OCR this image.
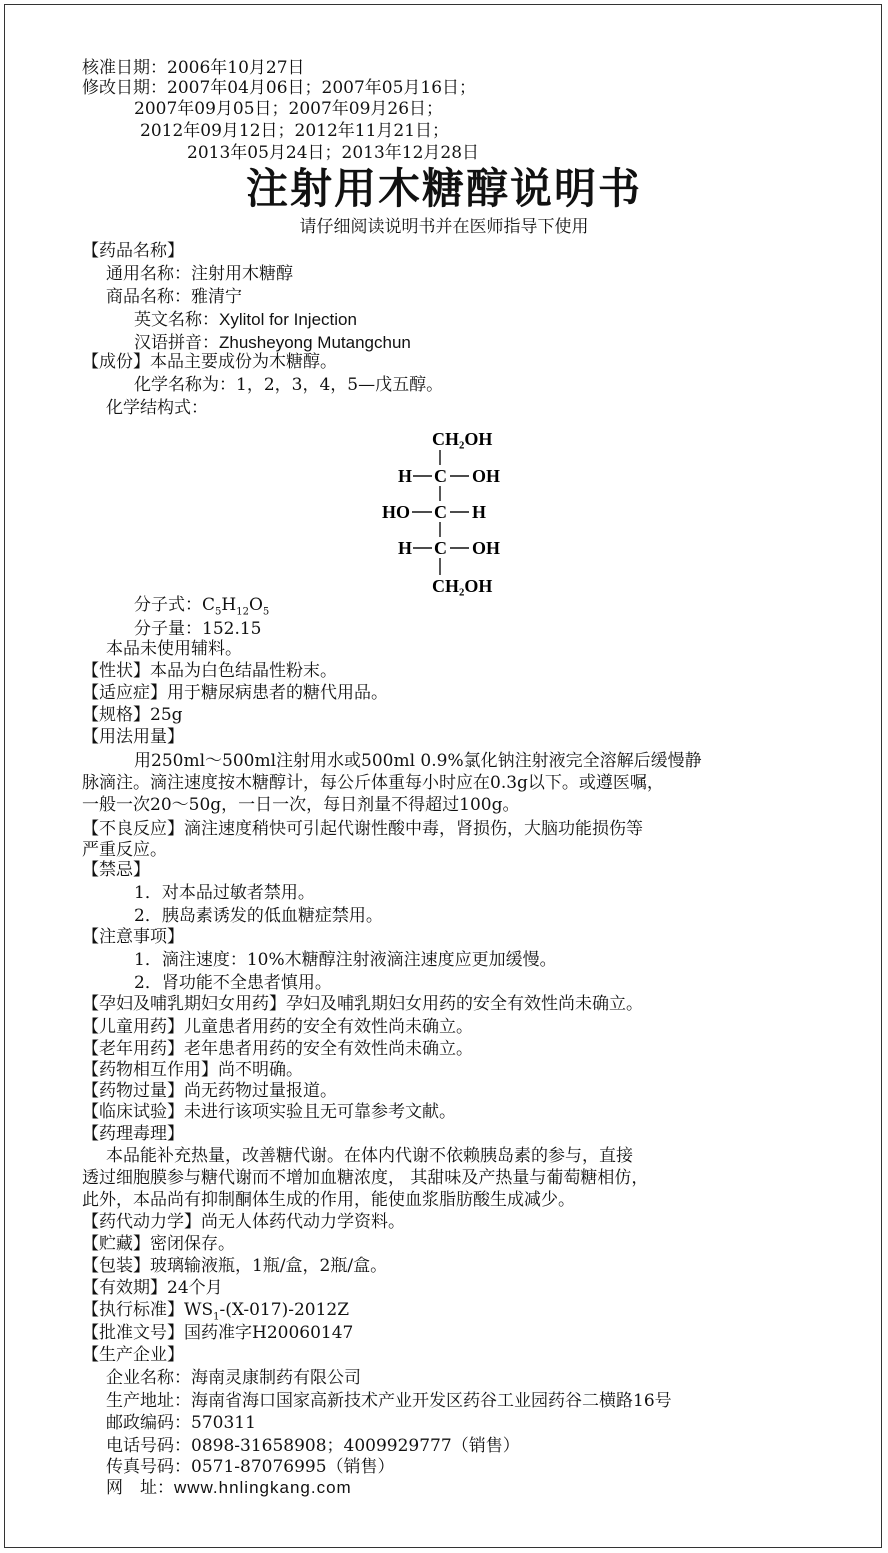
核准日期：2006年10月27日
修改日期：2007年04月06日；2007年05月16日；
2007年09月05日；2007年09月26日；
2012年09月12日；2012年11月21日；
2013年05月24日；2013年12月28日
注射用木糖醇说明书
请仔细阅读说明书并在医师指导下使用
【药品名称】
通用名称：注射用木糖醇
商品名称：雅清宁
英文名称：Xylitol for Injection
汉语拼音：Zhusheyong Mutangchun
【成份】本品主要成份为木糖醇。
化学名称为：1，2，3，4，5—戊五醇。
化学结构式：
CH₂OH
H C OH
HO C H
H C OH
CH₂OH
分子式：$C_5H_{12}O_5$
分子量：152.15
本品未使用辅料。
【性状】本品为白色结晶性粉末。
【适应症】用于糖尿病患者的糖代用品。
【规格】25g
【用法用量】
用250ml～500ml注射用水或500ml 0.9%氯化钠注射液完全溶解后缓慢静
脉滴注。滴注速度按木糖醇计，每公斤体重每小时应在0.3g以下。或遵医嘱，
一般一次20～50g，一日一次，每日剂量不得超过100g。
【不良反应】滴注速度稍快可引起代谢性酸中毒，肾损伤，大脑功能损伤等
严重反应。
【禁忌】
1．对本品过敏者禁用。
2．胰岛素诱发的低血糖症禁用。
【注意事项】
1．滴注速度：10%木糖醇注射液滴注速度应更加缓慢。
2．肾功能不全患者慎用。
【孕妇及哺乳期妇女用药】孕妇及哺乳期妇女用药的安全有效性尚未确立。
【儿童用药】儿童患者用药的安全有效性尚未确立。
【老年用药】老年患者用药的安全有效性尚未确立。
【药物相互作用】尚不明确。
【药物过量】尚无药物过量报道。
【临床试验】未进行该项实验且无可靠参考文献。
【药理毒理】
本品能补充热量，改善糖代谢。在体内代谢不依赖胰岛素的参与，直接
透过细胞膜参与糖代谢而不增加血糖浓度， 其甜味及产热量与葡萄糖相仿，
此外，本品尚有抑制酮体生成的作用，能使血浆脂肪酸生成减少。
【药代动力学】尚无人体药代动力学资料。
【贮藏】密闭保存。
【包装】玻璃输液瓶，1瓶/盒，2瓶/盒。
【有效期】24个月
【执行标准】$WS_1-(X-017)-2012Z$
【批准文号】国药准字H20060147
【生产企业】
企业名称：海南灵康制药有限公司
生产地址：海南省海口国家高新技术产业开发区药谷工业园药谷二横路16号
邮政编码：570311
电话号码：0898-31658908；4009929777（销售）
传真号码：0571-87076995（销售）
网　址：www.hnlingkang.com
